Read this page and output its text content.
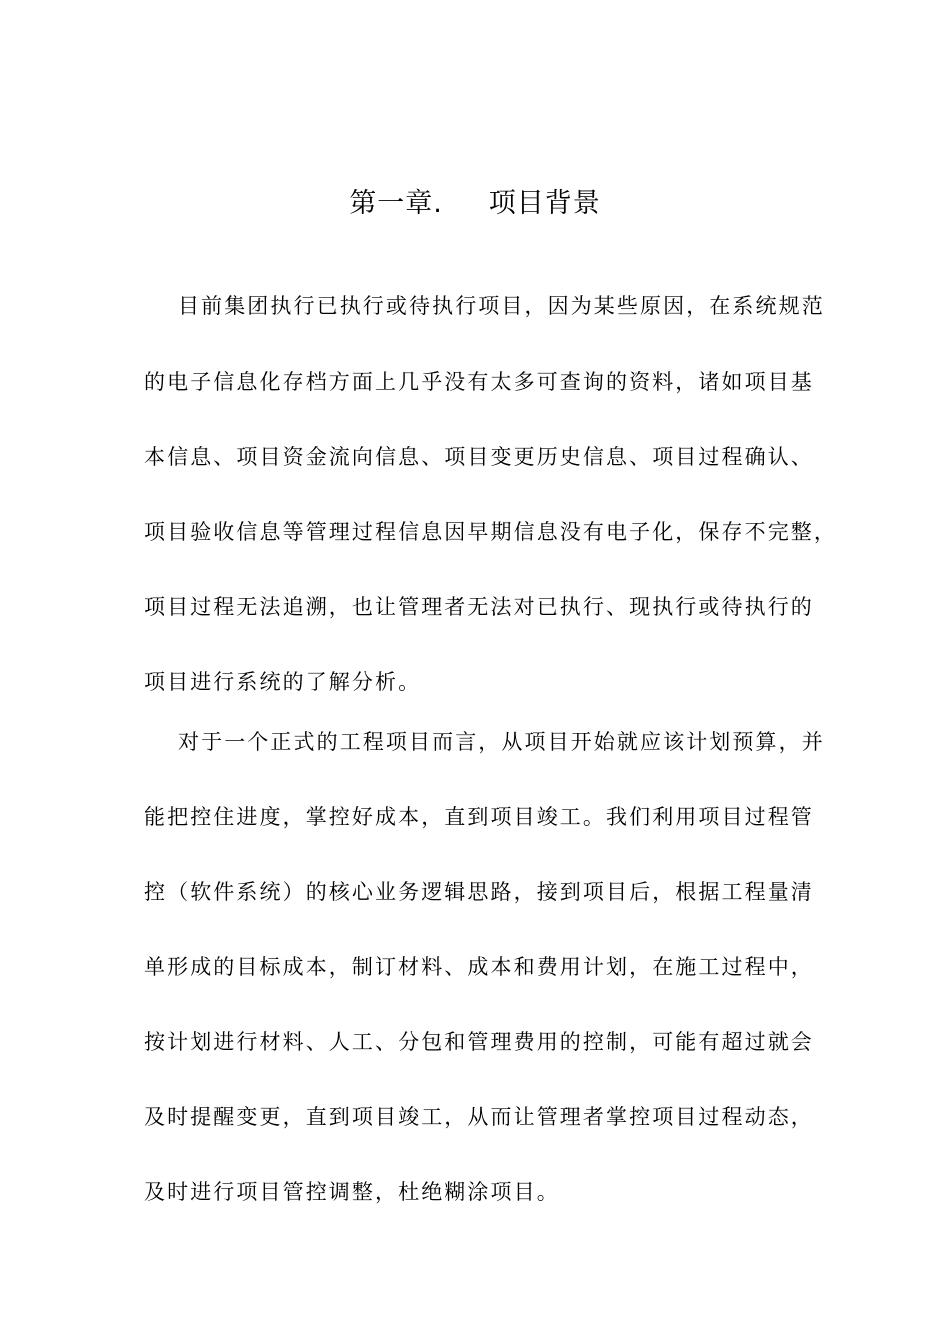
第一章. 项目背景
目前集团执行已执行或待执行项目，因为某些原因，在系统规范
的电子信息化存档方面上几乎没有太多可查询的资料，诸如项目基
本信息、项目资金流向信息、项目变更历史信息、项目过程确认、
项目验收信息等管理过程信息因早期信息没有电子化，保存不完整，
项目过程无法追溯，也让管理者无法对已执行、现执行或待执行的
项目进行系统的了解分析。
对于一个正式的工程项目而言，从项目开始就应该计划预算，并
能把控住进度，掌控好成本，直到项目竣工。我们利用项目过程管
控（软件系统）的核心业务逻辑思路，接到项目后，根据工程量清
单形成的目标成本，制订材料、成本和费用计划，在施工过程中，
按计划进行材料、人工、分包和管理费用的控制，可能有超过就会
及时提醒变更，直到项目竣工，从而让管理者掌控项目过程动态，
及时进行项目管控调整，杜绝糊涂项目。
